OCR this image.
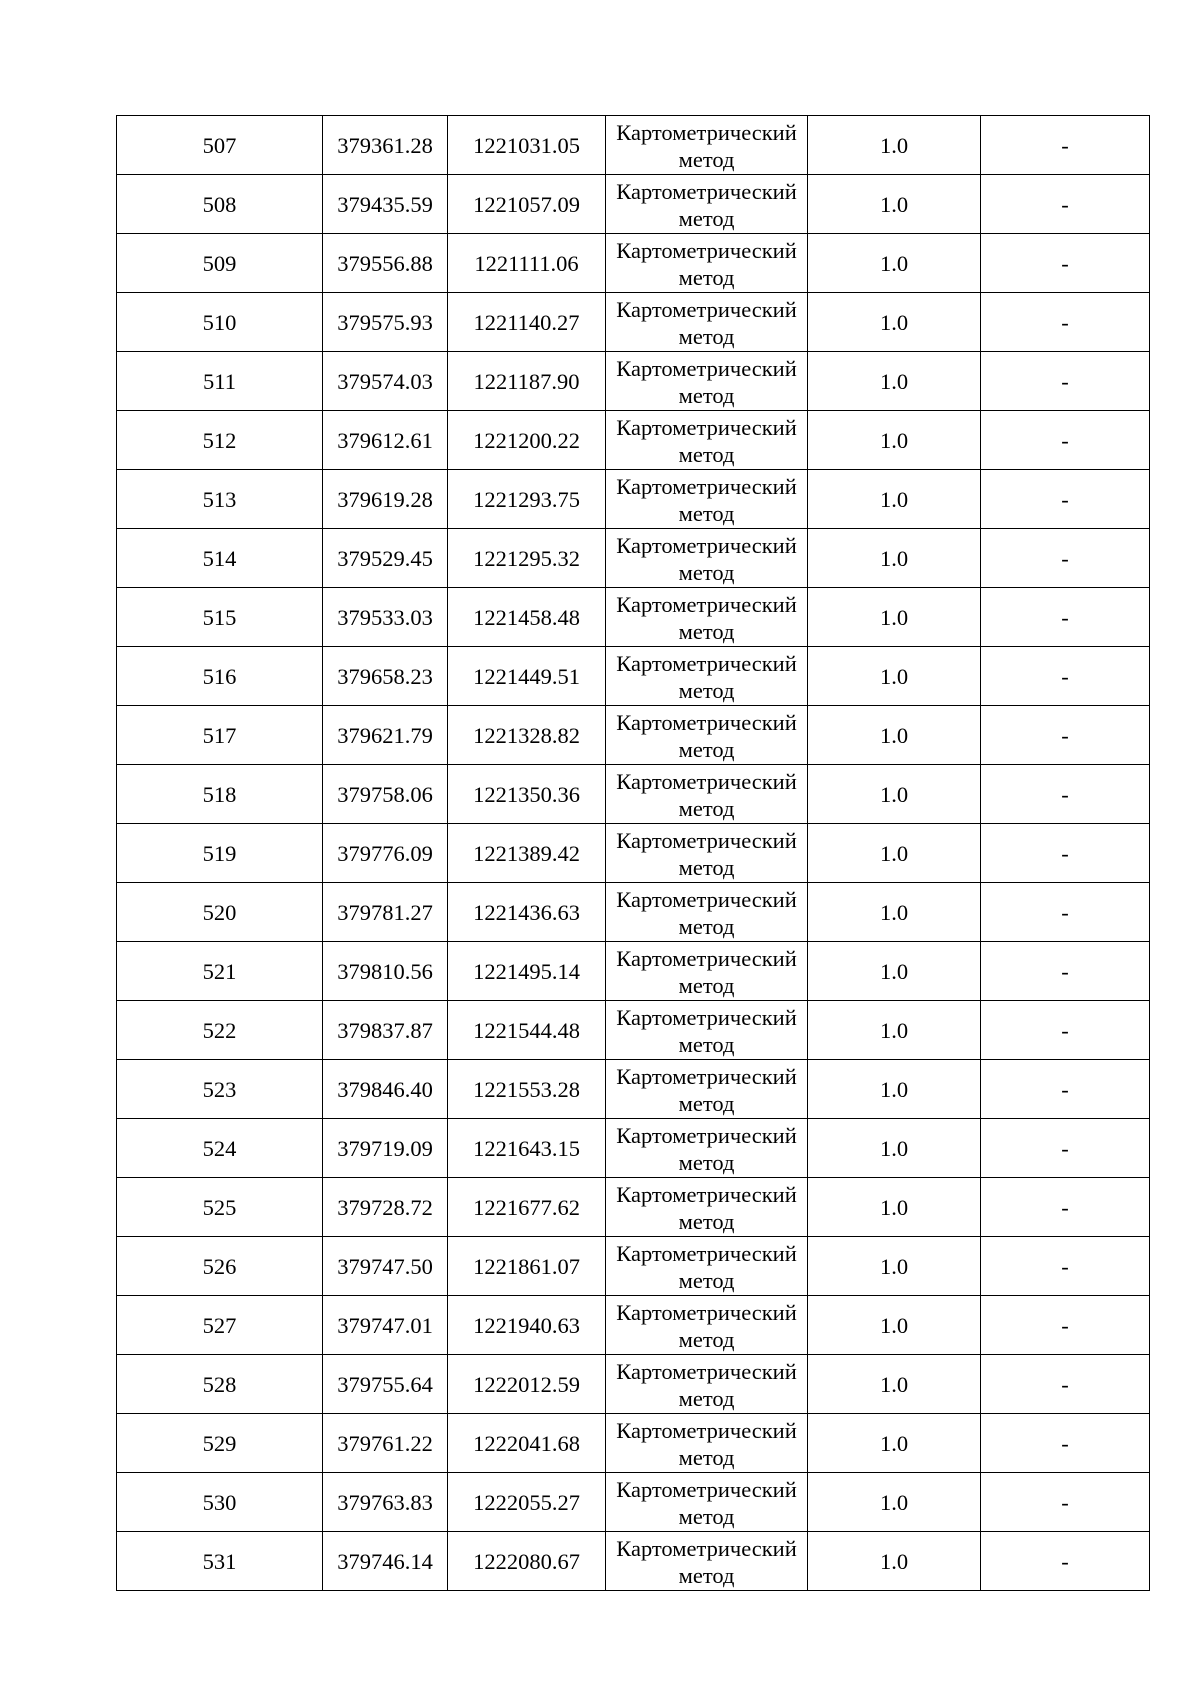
507	379361.28	1221031.05	Картометрический
метод	1.0	-
508	379435.59	1221057.09	Картометрический
метод	1.0	-
509	379556.88	1221111.06	Картометрический
метод	1.0	-
510	379575.93	1221140.27	Картометрический
метод	1.0	-
511	379574.03	1221187.90	Картометрический
метод	1.0	-
512	379612.61	1221200.22	Картометрический
метод	1.0	-
513	379619.28	1221293.75	Картометрический
метод	1.0	-
514	379529.45	1221295.32	Картометрический
метод	1.0	-
515	379533.03	1221458.48	Картометрический
метод	1.0	-
516	379658.23	1221449.51	Картометрический
метод	1.0	-
517	379621.79	1221328.82	Картометрический
метод	1.0	-
518	379758.06	1221350.36	Картометрический
метод	1.0	-
519	379776.09	1221389.42	Картометрический
метод	1.0	-
520	379781.27	1221436.63	Картометрический
метод	1.0	-
521	379810.56	1221495.14	Картометрический
метод	1.0	-
522	379837.87	1221544.48	Картометрический
метод	1.0	-
523	379846.40	1221553.28	Картометрический
метод	1.0	-
524	379719.09	1221643.15	Картометрический
метод	1.0	-
525	379728.72	1221677.62	Картометрический
метод	1.0	-
526	379747.50	1221861.07	Картометрический
метод	1.0	-
527	379747.01	1221940.63	Картометрический
метод	1.0	-
528	379755.64	1222012.59	Картометрический
метод	1.0	-
529	379761.22	1222041.68	Картометрический
метод	1.0	-
530	379763.83	1222055.27	Картометрический
метод	1.0	-
531	379746.14	1222080.67	Картометрический
метод	1.0	-
